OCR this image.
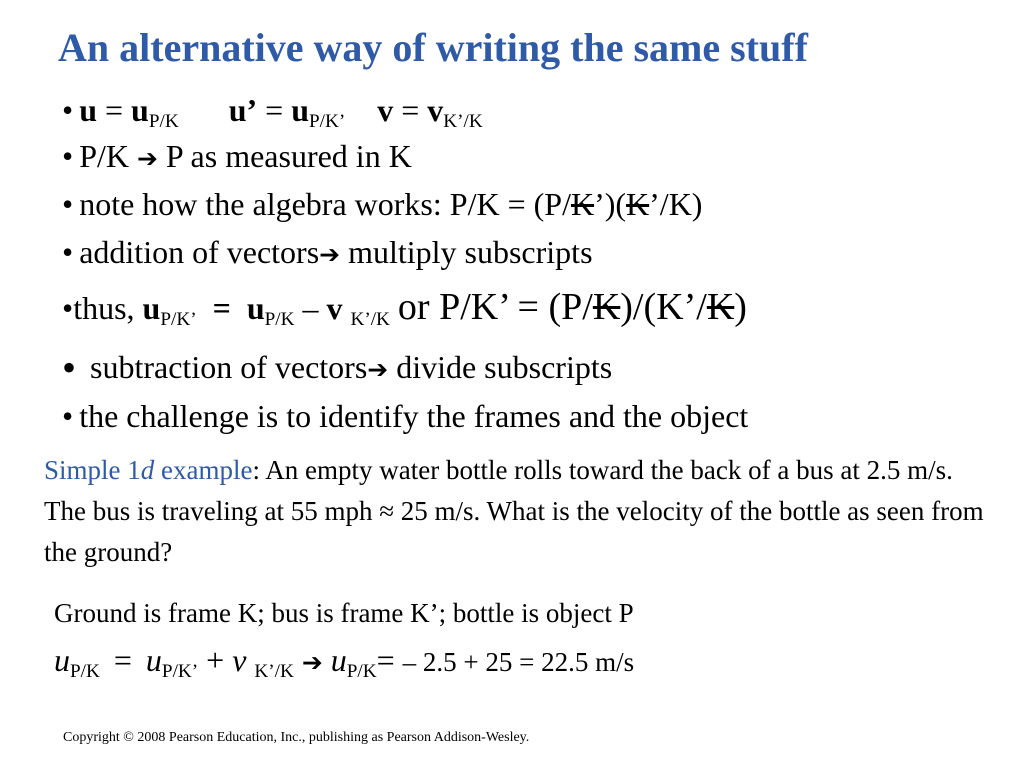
An alternative way of writing the same stuff
• $u = u_{P/K}$ u’ = $u_{P/K’}$ $v = v_{K’/K}$
• P/K ➔ P as measured in K
• note how the algebra works: P/K = (P/K’)(K’/K)
• addition of vectors➔ multiply subscripts
•thus, $u_{P/K’} = u_{P/K} - v$ $_{K’/K}$ or P/K’ = (P/K)/(K’/K)
• subtraction of vectors➔ divide subscripts
• the challenge is to identify the frames and the object
Simple 1d example: An empty water bottle rolls toward the back of a bus at 2.5 m/s. The bus is traveling at 55 mph ≈ 25 m/s. What is the velocity of the bottle as seen from the ground?
Ground is frame K; bus is frame K’; bottle is object P
$u_{P/K} = u_{P/K’} + v$ $_{K’/K}$ ➔ $u_{P/K}= - 2.5 + 25 = 22.5$ m/s
Copyright © 2008 Pearson Education, Inc., publishing as Pearson Addison-Wesley.
